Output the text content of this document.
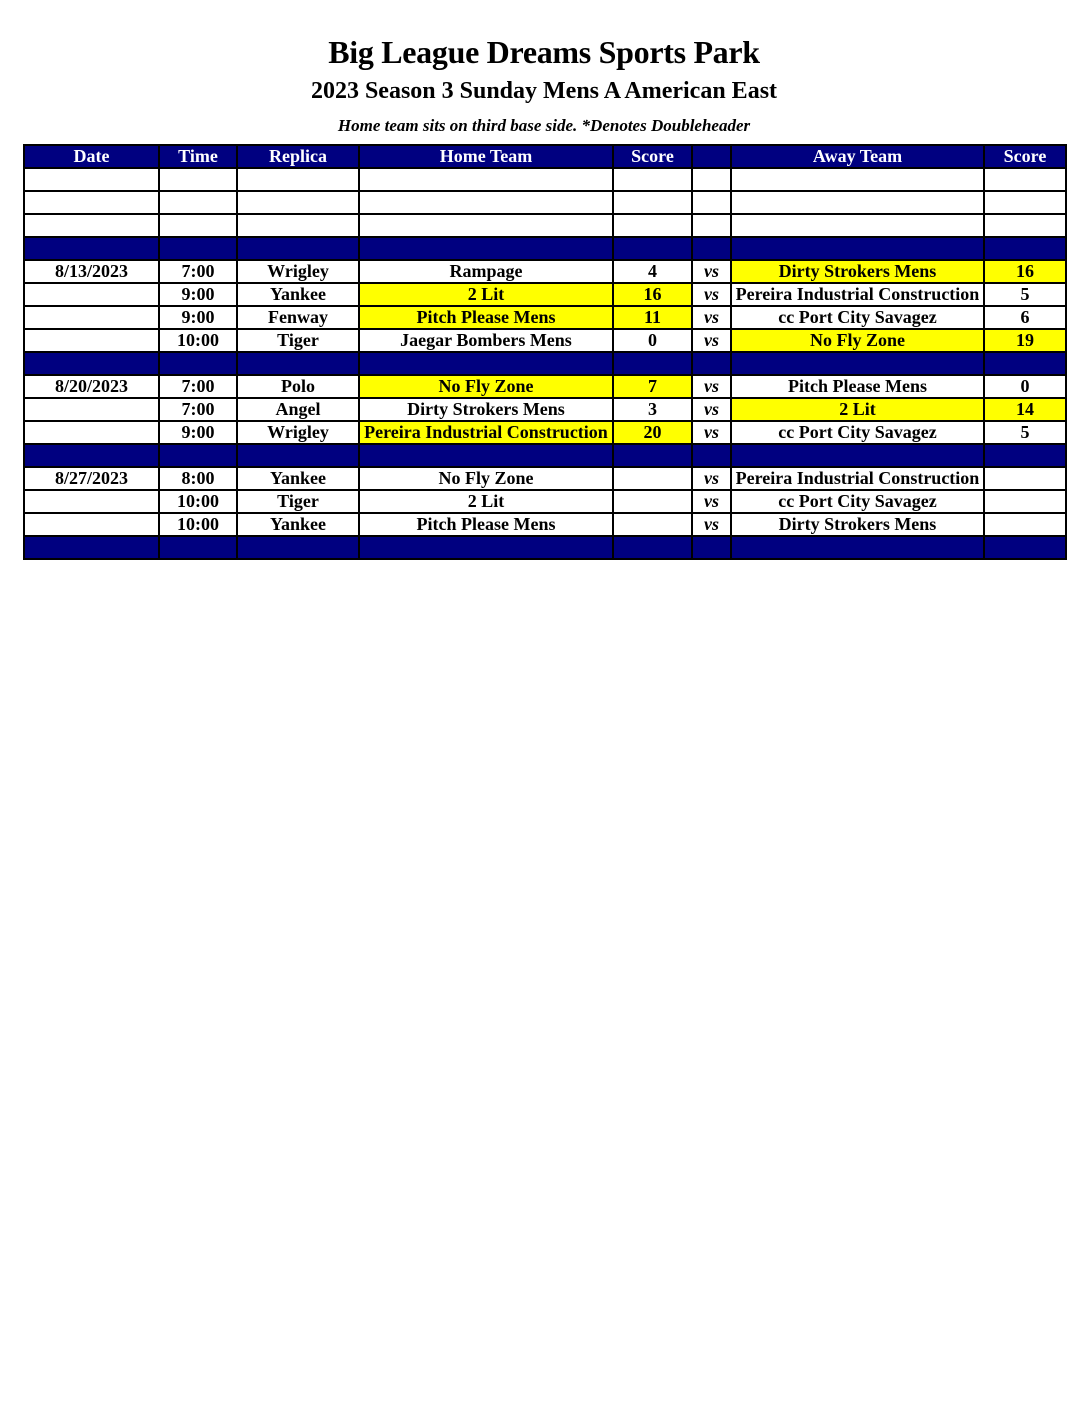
Big League Dreams Sports Park
2023 Season 3 Sunday Mens A American East
Home team sits on third base side. *Denotes Doubleheader
Date	Time	Replica	Home Team	Score		Away Team	Score

8/13/2023	7:00	Wrigley	Rampage	4	vs	Dirty Strokers Mens	16
	9:00	Yankee	2 Lit	16	vs	Pereira Industrial Construction	5
	9:00	Fenway	Pitch Please Mens	11	vs	cc Port City Savagez	6
	10:00	Tiger	Jaegar Bombers Mens	0	vs	No Fly Zone	19

8/20/2023	7:00	Polo	No Fly Zone	7	vs	Pitch Please Mens	0
	7:00	Angel	Dirty Strokers Mens	3	vs	2 Lit	14
	9:00	Wrigley	Pereira Industrial Construction	20	vs	cc Port City Savagez	5

8/27/2023	8:00	Yankee	No Fly Zone		vs	Pereira Industrial Construction	
	10:00	Tiger	2 Lit		vs	cc Port City Savagez	
	10:00	Yankee	Pitch Please Mens		vs	Dirty Strokers Mens	
